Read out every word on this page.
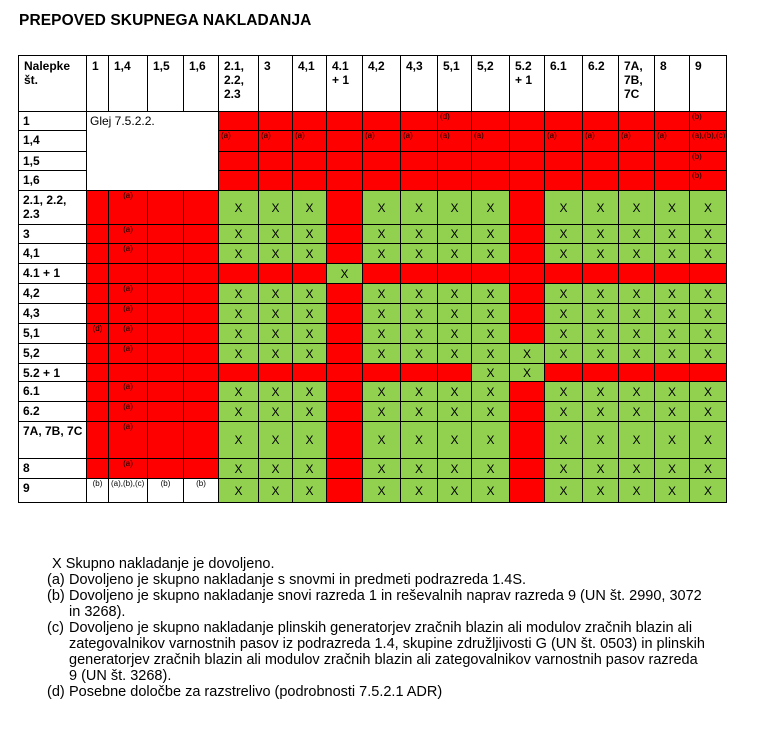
PREPOVED SKUPNEGA NAKLADANJA
Nalepke št.	1	1,4	1,5	1,6	2.1, 2.2, 2.3	3	4,1	4.1 + 1	4,2	4,3	5,1	5,2	5.2 + 1	6.1	6.2	7A, 7B, 7C	8	9
1	Glej 7.5.2.2.										(d)							(b)

1,4					(a)	(a)	(a)		(a)	(a)	(a)	(a)		(a)	(a)	(a)	(a)	(a),(b),(c)

1,5																		(b)

1,6																		(b)

2.1, 2.2, 2.3		(a)			X	X	X		X	X	X	X		X	X	X	X	X
3		(a)			X	X	X		X	X	X	X		X	X	X	X	X
4,1		(a)			X	X	X		X	X	X	X		X	X	X	X	X
4.1 + 1								X										
4,2		(a)			X	X	X		X	X	X	X		X	X	X	X	X
4,3		(a)			X	X	X		X	X	X	X		X	X	X	X	X
5,1	(d)	(a)			X	X	X		X	X	X	X		X	X	X	X	X
5,2		(a)			X	X	X		X	X	X	X	X	X	X	X	X	X
5.2 + 1												X	X					
6.1		(a)			X	X	X		X	X	X	X		X	X	X	X	X
6.2		(a)			X	X	X		X	X	X	X		X	X	X	X	X
7A, 7B, 7C		(a)			X	X	X		X	X	X	X		X	X	X	X	X
8		(a)			X	X	X		X	X	X	X		X	X	X	X	X
9	(b)	(a),(b),(c)	(b)	(b)	X	X	X		X	X	X	X		X	X	X	X	X
X Skupno nakladanje je dovoljeno.
(a) Dovoljeno je skupno nakladanje s snovmi in predmeti podrazreda 1.4S.
(b) Dovoljeno je skupno nakladanje snovi razreda 1 in reševalnih naprav razreda 9 (UN št. 2990, 3072 in 3268).
(c) Dovoljeno je skupno nakladanje plinskih generatorjev zračnih blazin ali modulov zračnih blazin ali zategovalnikov varnostnih pasov iz podrazreda 1.4, skupine združljivosti G (UN št. 0503) in plinskih generatorjev zračnih blazin ali modulov zračnih blazin ali zategovalnikov varnostnih pasov razreda 9 (UN št. 3268).
(d) Posebne določbe za razstrelivo (podrobnosti 7.5.2.1 ADR)
